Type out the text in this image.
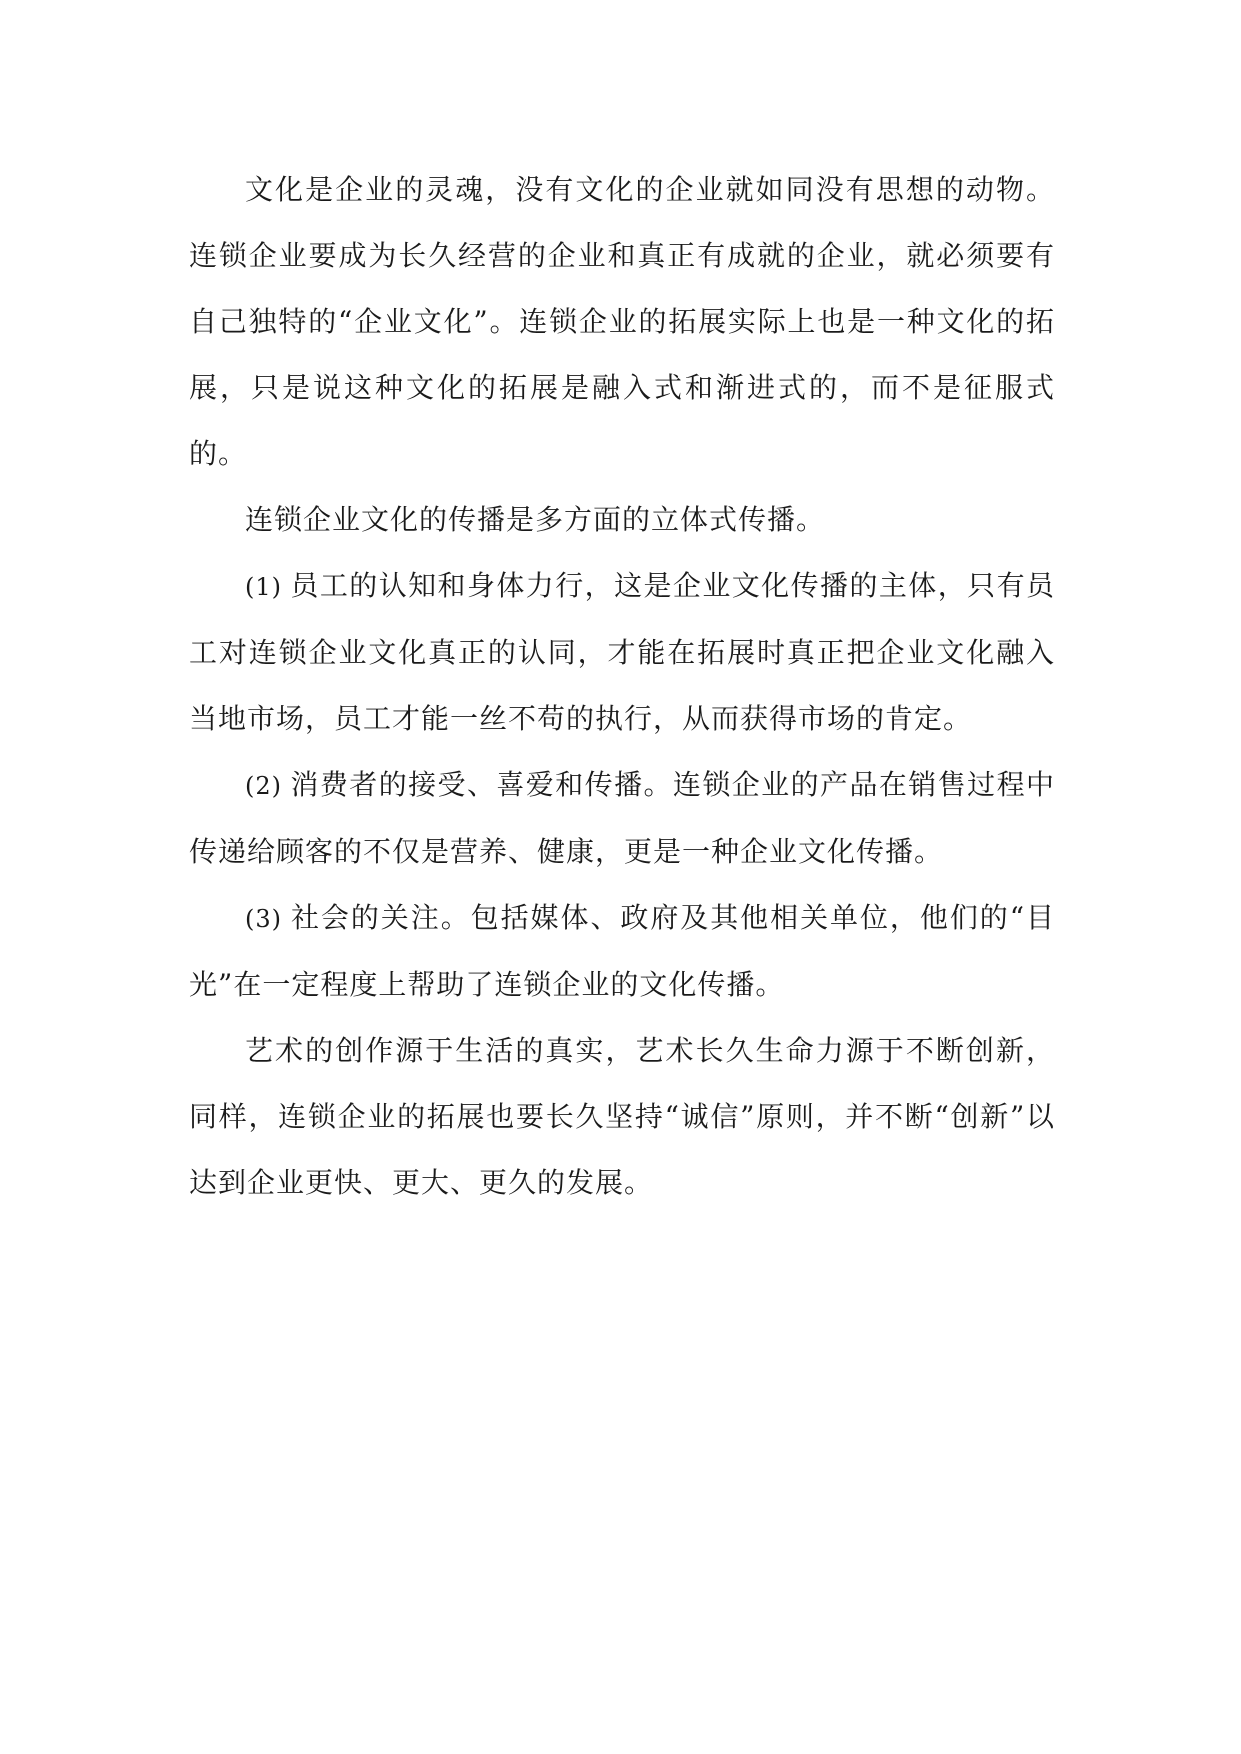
文化是企业的灵魂，没有文化的企业就如同没有思想的动物。连锁企业要成为长久经营的企业和真正有成就的企业，就必须要有自己独特的“企业文化”。连锁企业的拓展实际上也是一种文化的拓展，只是说这种文化的拓展是融入式和渐进式的，而不是征服式的。

连锁企业文化的传播是多方面的立体式传播。

(1) 员工的认知和身体力行，这是企业文化传播的主体，只有员工对连锁企业文化真正的认同，才能在拓展时真正把企业文化融入当地市场，员工才能一丝不苟的执行，从而获得市场的肯定。

(2) 消费者的接受、喜爱和传播。连锁企业的产品在销售过程中传递给顾客的不仅是营养、健康，更是一种企业文化传播。

(3) 社会的关注。包括媒体、政府及其他相关单位，他们的“目光”在一定程度上帮助了连锁企业的文化传播。

艺术的创作源于生活的真实，艺术长久生命力源于不断创新，同样，连锁企业的拓展也要长久坚持“诚信”原则，并不断“创新”以达到企业更快、更大、更久的发展。
